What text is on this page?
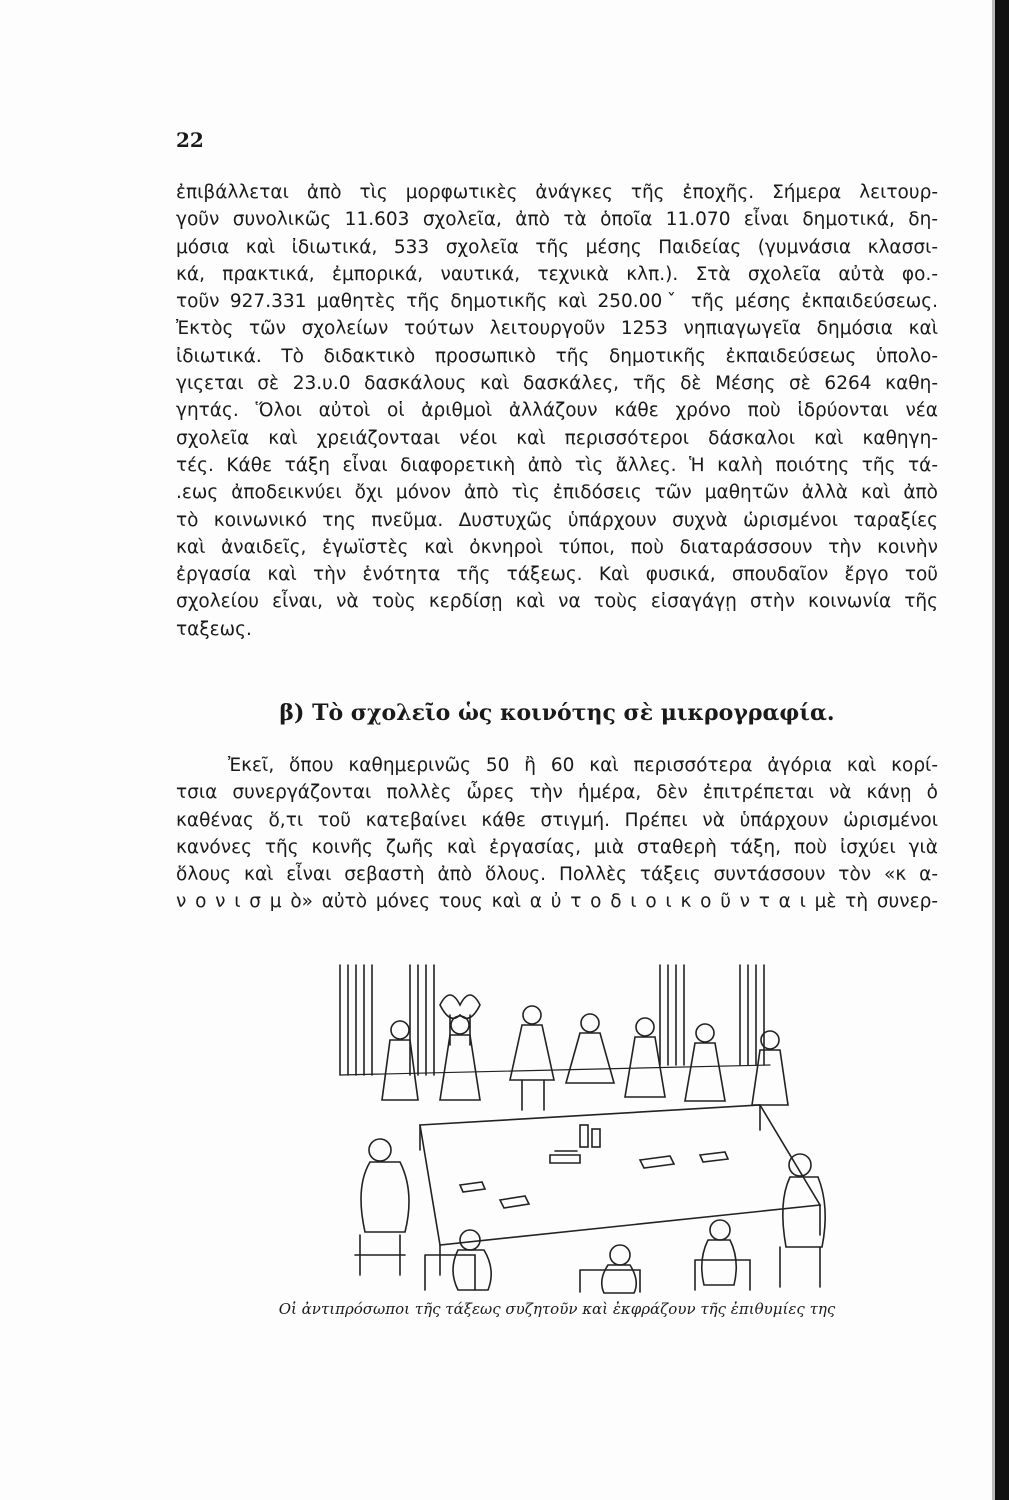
22
ἐπιβάλλεται ἀπὸ τὶς μορφωτικὲς ἀνάγκες τῆς ἐποχῆς. Σήμερα λειτουρ-
γοῦν συνολικῶς 11.603 σχολεῖα, ἀπὸ τὰ ὁποῖα 11.070 εἶναι δημοτικά, δη-
μόσια καὶ ἰδιωτικά, 533 σχολεῖα τῆς μέσης Παιδείας (γυμνάσια κλασσι-
κά, πρακτικά, ἐμπορικά, ναυτικά, τεχνικὰ κλπ.). Στὰ σχολεῖα αὐτὰ φο.-
τοῦν 927.331 μαθητὲς τῆς δημοτικῆς καὶ 250.00ˇ τῆς μέσης ἐκπαιδεύσεως.
Ἐκτὸς τῶν σχολείων τούτων λειτουργοῦν 1253 νηπιαγωγεῖα δημόσια καὶ
ἰδιωτικά. Τὸ διδακτικὸ προσωπικὸ τῆς δημοτικῆς ἐκπαιδεύσεως ὑπολο-
γιςεται σὲ 23.υ.0 δασκάλους καὶ δασκάλες, τῆς δὲ Μέσης σὲ 6264 καθη-
γητάς. Ὅλοι αὐτοὶ οἱ ἀριθμοὶ ἀλλάζουν κάθε χρόνο ποὺ ἱδρύονται νέα
σχολεῖα καὶ χρειάζονταaι νέοι καὶ περισσότεροι δάσκαλοι καὶ καθηγη-
τές. Κάθε τάξη εἶναι διαφορετικὴ ἀπὸ τὶς ἄλλες. Ἡ καλὴ ποιότης τῆς τά-
.εως ἀποδεικνύει ὄχι μόνον ἀπὸ τὶς ἐπιδόσεις τῶν μαθητῶν ἀλλὰ καὶ ἀπὸ
τὸ κοινωνικό της πνεῦμα. Δυστυχῶς ὑπάρχουν συχνὰ ὡρισμένοι ταραξίες
καὶ ἀναιδεῖς, ἐγωϊστὲς καὶ ὀκνηροὶ τύποι, ποὺ διαταράσσουν τὴν κοινὴν
ἐργασία καὶ τὴν ἑνότητα τῆς τάξεως. Καὶ φυσικά, σπουδαῖον ἔργο τοῦ
σχολείου εἶναι, νὰ τοὺς κερδίσῃ καὶ να τοὺς εἰσαγάγῃ στὴν κοινωνία τῆς
ταξεως.
β) Τὸ σχολεῖο ὡς κοινότης σὲ μικρογραφία.
Ἐκεῖ, ὅπου καθημερινῶς 50 ἢ 60 καὶ περισσότερα ἀγόρια καὶ κορί-
τσια συνεργάζονται πολλὲς ὧρες τὴν ἡμέρα, δὲν ἐπιτρέπεται νὰ κάνῃ ὁ
καθένας ὅ,τι τοῦ κατεβαίνει κάθε στιγμή. Πρέπει νὰ ὑπάρχουν ὡρισμένοι
κανόνες τῆς κοινῆς ζωῆς καὶ ἐργασίας, μιὰ σταθερὴ τάξη, ποὺ ἰσχύει γιὰ
ὅλους καὶ εἶναι σεβαστὴ ἀπὸ ὅλους. Πολλὲς τάξεις συντάσσουν τὸν «κ α-
ν ο ν ι σ μ ὸ» αὐτὸ μόνες τους καὶ α ὐ τ ο δ ι ο ι κ ο ῦ ν τ α ι μὲ τὴ συνερ-
Οἱ ἀντιπρόσωποι τῆς τάξεως συζητοῦν καὶ ἐκφράζουν τῆς ἐπιθυμίες της
